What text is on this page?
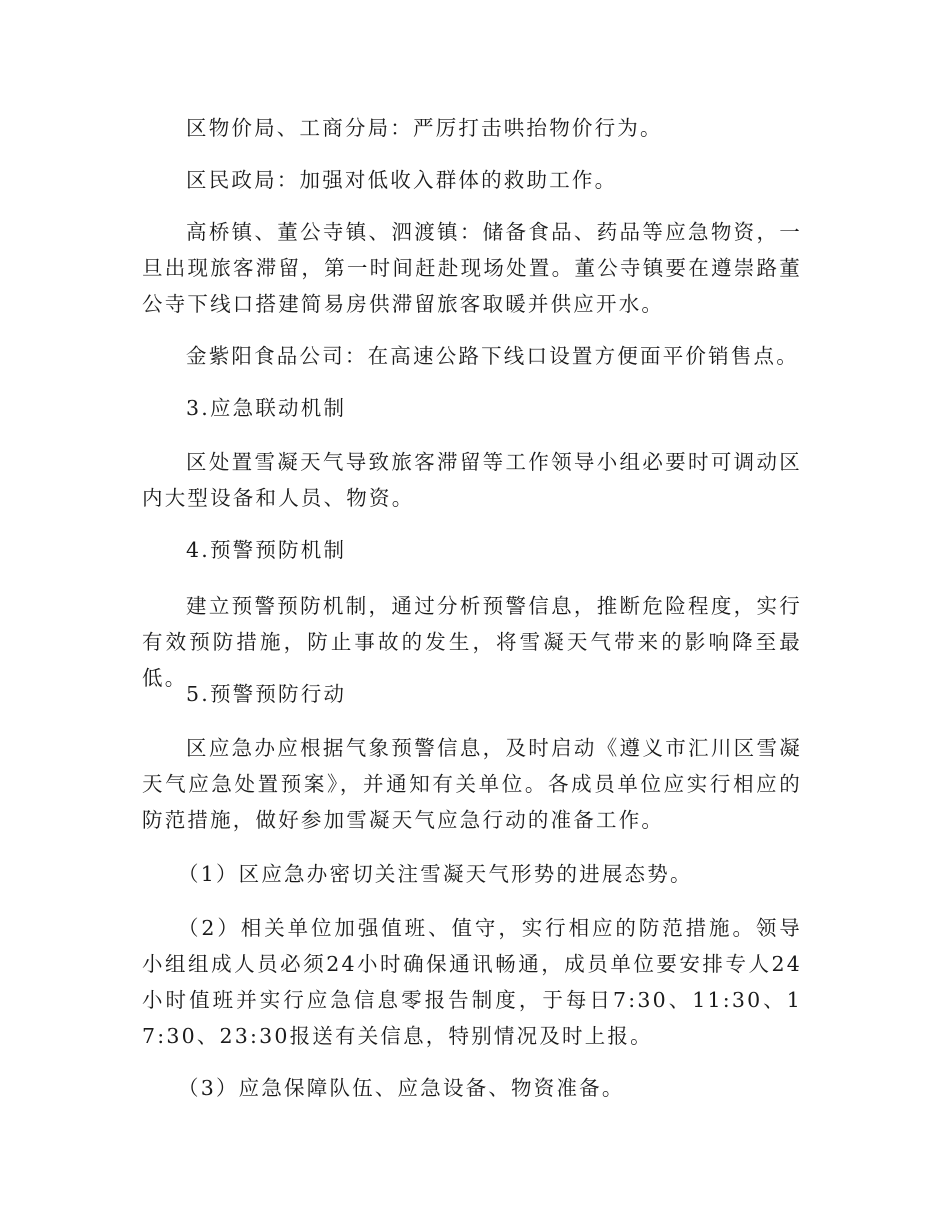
区物价局、工商分局：严厉打击哄抬物价行为。

区民政局：加强对低收入群体的救助工作。

高桥镇、董公寺镇、泗渡镇：储备食品、药品等应急物资，一旦出现旅客滞留，第一时间赶赴现场处置。董公寺镇要在遵崇路董公寺下线口搭建简易房供滞留旅客取暖并供应开水。

金紫阳食品公司：在高速公路下线口设置方便面平价销售点。

3.应急联动机制

区处置雪凝天气导致旅客滞留等工作领导小组必要时可调动区内大型设备和人员、物资。

4.预警预防机制

建立预警预防机制，通过分析预警信息，推断危险程度，实行有效预防措施，防止事故的发生，将雪凝天气带来的影响降至最低。

5.预警预防行动

区应急办应根据气象预警信息，及时启动《遵义市汇川区雪凝天气应急处置预案》，并通知有关单位。各成员单位应实行相应的防范措施，做好参加雪凝天气应急行动的准备工作。

（1）区应急办密切关注雪凝天气形势的进展态势。

（2）相关单位加强值班、值守，实行相应的防范措施。领导小组组成人员必须24小时确保通讯畅通，成员单位要安排专人24小时值班并实行应急信息零报告制度，于每日7:30、11:30、17:30、23:30报送有关信息，特别情况及时上报。

（3）应急保障队伍、应急设备、物资准备。
